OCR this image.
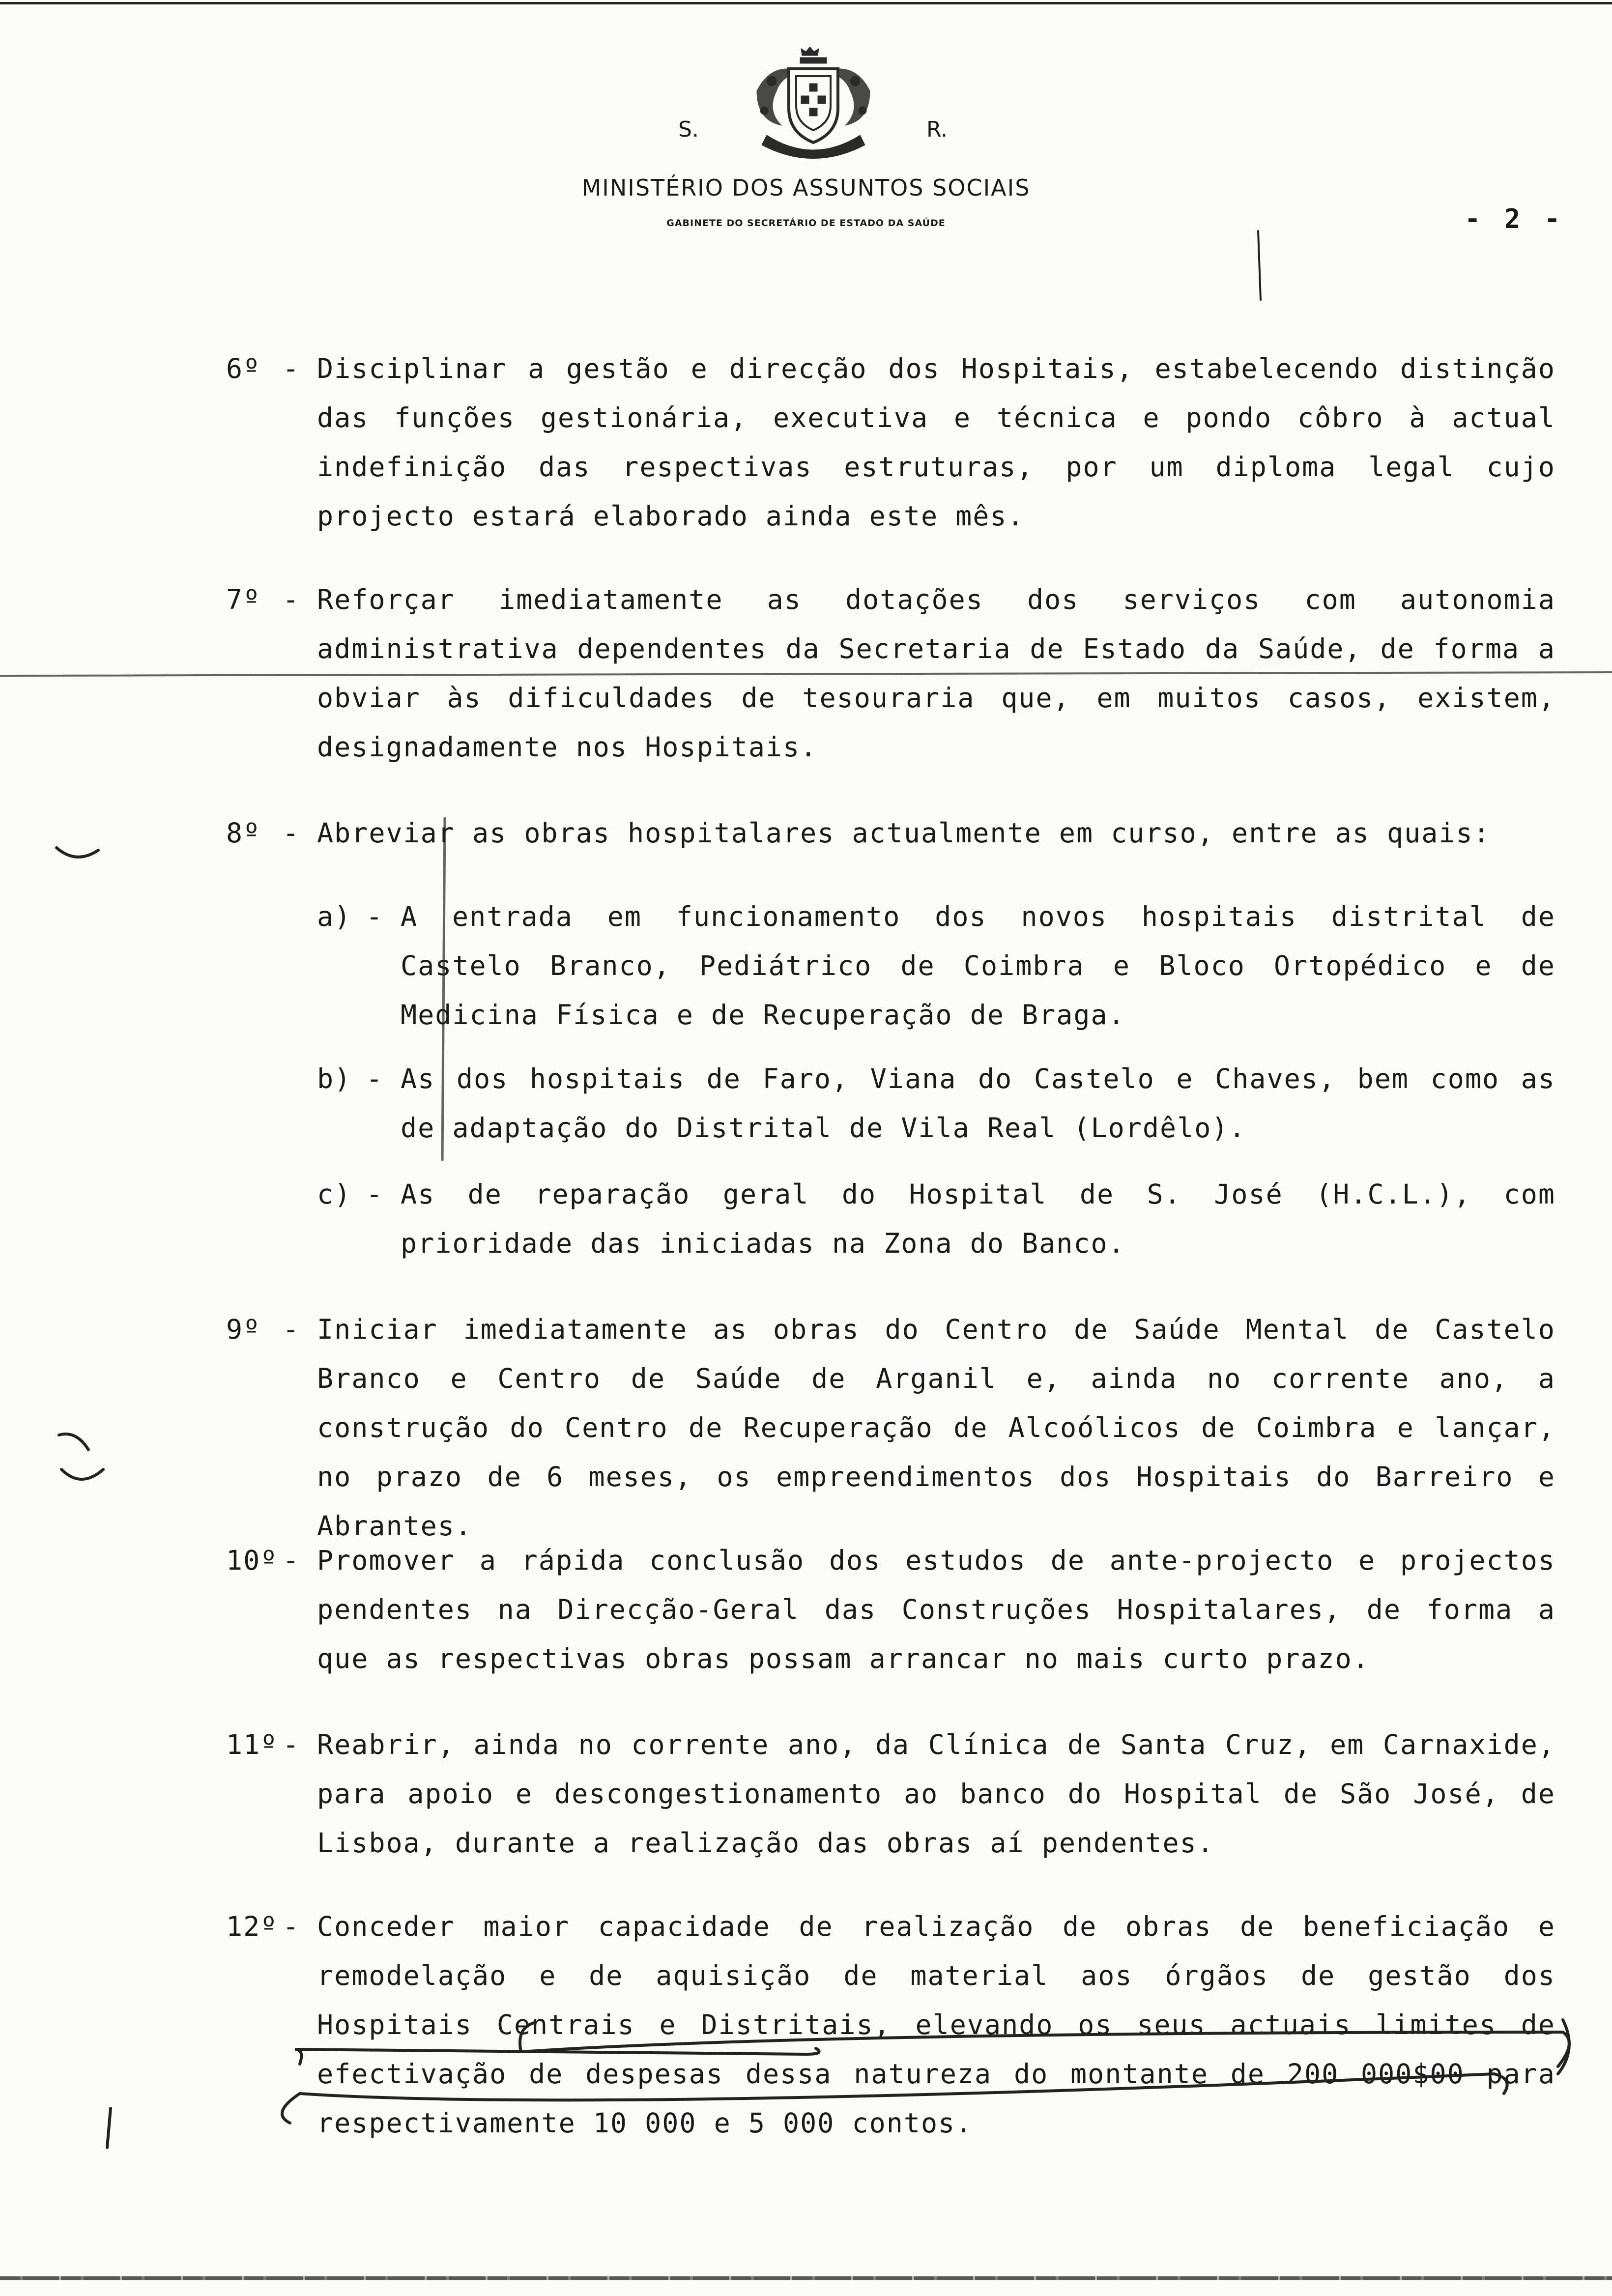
S.	R.
MINISTÉRIO DOS ASSUNTOS SOCIAIS
GABINETE DO SECRETÁRIO DE ESTADO DA SAÚDE	- 2 -
6º - Disciplinar a gestão e direcção dos Hospitais, estabelecendo distinção das funções gestionária, executiva e técnica e pondo côbro à actual indefinição das respectivas estruturas, por um diploma legal cujo projecto estará elaborado ainda este mês.
7º - Reforçar imediatamente as dotações dos serviços com autonomia administrativa dependentes da Secretaria de Estado da Saúde, de forma a obviar às dificuldades de tesouraria que, em muitos casos, existem, designadamente nos Hospitais.
8º - Abreviar as obras hospitalares actualmente em curso, entre as quais:
a) - A entrada em funcionamento dos novos hospitais distrital de Castelo Branco, Pediátrico de Coimbra e Bloco Ortopédico e de Medicina Física e de Recuperação de Braga.
b) - As dos hospitais de Faro, Viana do Castelo e Chaves, bem como as de adaptação do Distrital de Vila Real (Lordêlo).
c) - As de reparação geral do Hospital de S. José (H.C.L.), com prioridade das iniciadas na Zona do Banco.
9º - Iniciar imediatamente as obras do Centro de Saúde Mental de Castelo Branco e Centro de Saúde de Arganil e, ainda no corrente ano, a construção do Centro de Recuperação de Alcoólicos de Coimbra e lançar, no prazo de 6 meses, os empreendimentos dos Hospitais do Barreiro e Abrantes.
10º - Promover a rápida conclusão dos estudos de ante-projecto e projectos pendentes na Direcção-Geral das Construções Hospitalares, de forma a que as respectivas obras possam arrancar no mais curto prazo.
11º - Reabrir, ainda no corrente ano, da Clínica de Santa Cruz, em Carnaxide, para apoio e descongestionamento ao banco do Hospital de São José, de Lisboa, durante a realização das obras aí pendentes.
12º - Conceder maior capacidade de realização de obras de beneficiação e remodelação e de aquisição de material aos órgãos de gestão dos Hospitais Centrais e Distritais, elevando os seus actuais limites de efectivação de despesas dessa natureza do montante de 200 000$00 para respectivamente 10 000 e 5 000 contos.
